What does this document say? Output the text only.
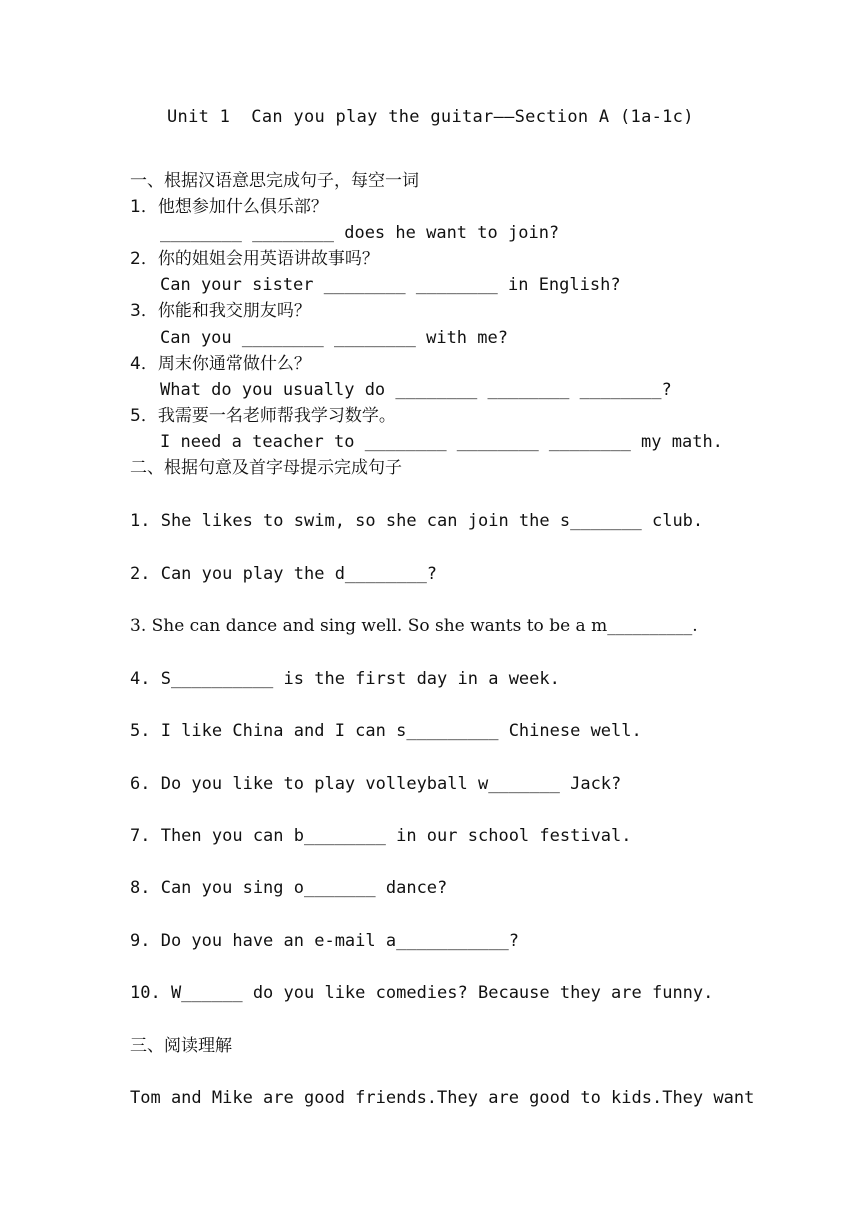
Unit 1  Can you play the guitar——Section A (1a-1c)
一、根据汉语意思完成句子，每空一词
1．他想参加什么俱乐部？
________ ________ does he want to join?
2．你的姐姐会用英语讲故事吗？
Can your sister ________ ________ in English?
3．你能和我交朋友吗？
Can you ________ ________ with me?
4．周末你通常做什么？
What do you usually do ________ ________ ________?
5．我需要一名老师帮我学习数学。
I need a teacher to ________ ________ ________ my math.
二、根据句意及首字母提示完成句子
1. She likes to swim, so she can join the s_______ club.
2. Can you play the d________?
3. She can dance and sing well. So she wants to be a m__________.
4. S__________ is the first day in a week.
5. I like China and I can s_________ Chinese well.
6. Do you like to play volleyball w_______ Jack?
7. Then you can b________ in our school festival.
8. Can you sing o_______ dance?
9. Do you have an e-mail a___________?
10. W______ do you like comedies? Because they are funny.
三、阅读理解
Tom and Mike are good friends.They are good to kids.They want
